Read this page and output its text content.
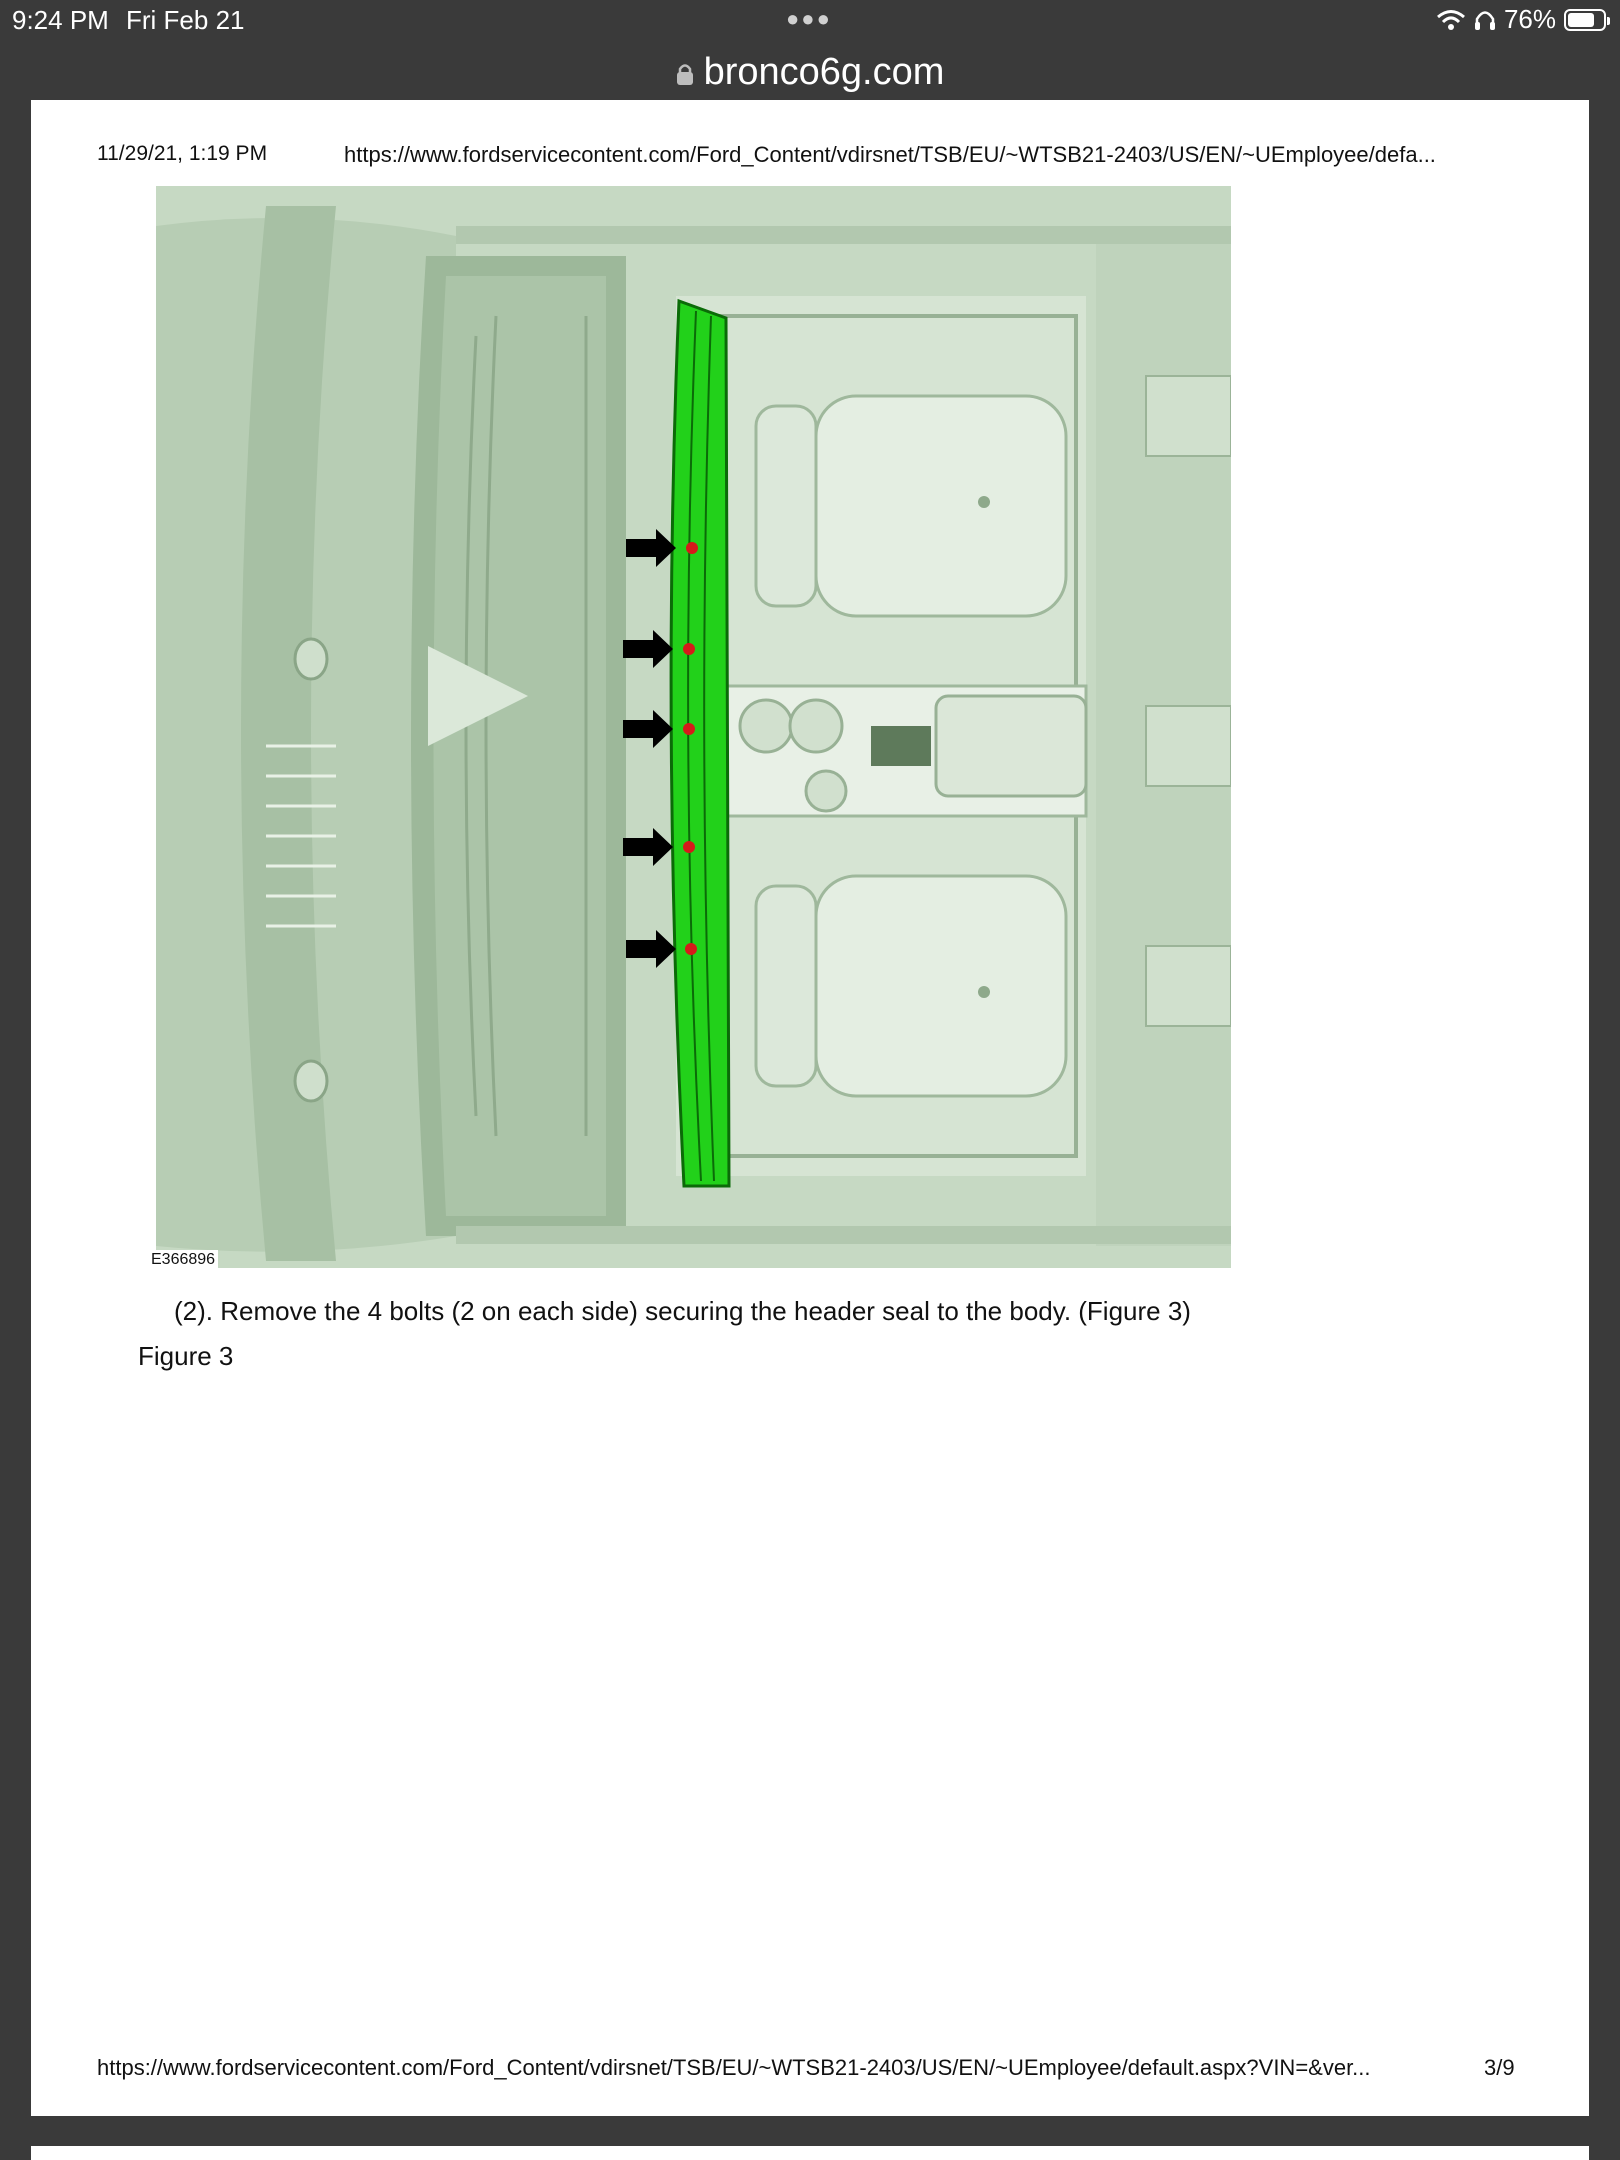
9:24 PM Fri Feb 21	●●●	76%
bronco6g.com
11/29/21, 1:19 PM	https://www.fordservicecontent.com/Ford_Content/vdirsnet/TSB/EU/~WTSB21-2403/US/EN/~UEmployee/defa...
E366896
(2). Remove the 4 bolts (2 on each side) securing the header seal to the body. (Figure 3)
Figure 3
https://www.fordservicecontent.com/Ford_Content/vdirsnet/TSB/EU/~WTSB21-2403/US/EN/~UEmployee/default.aspx?VIN=&ver...	3/9
